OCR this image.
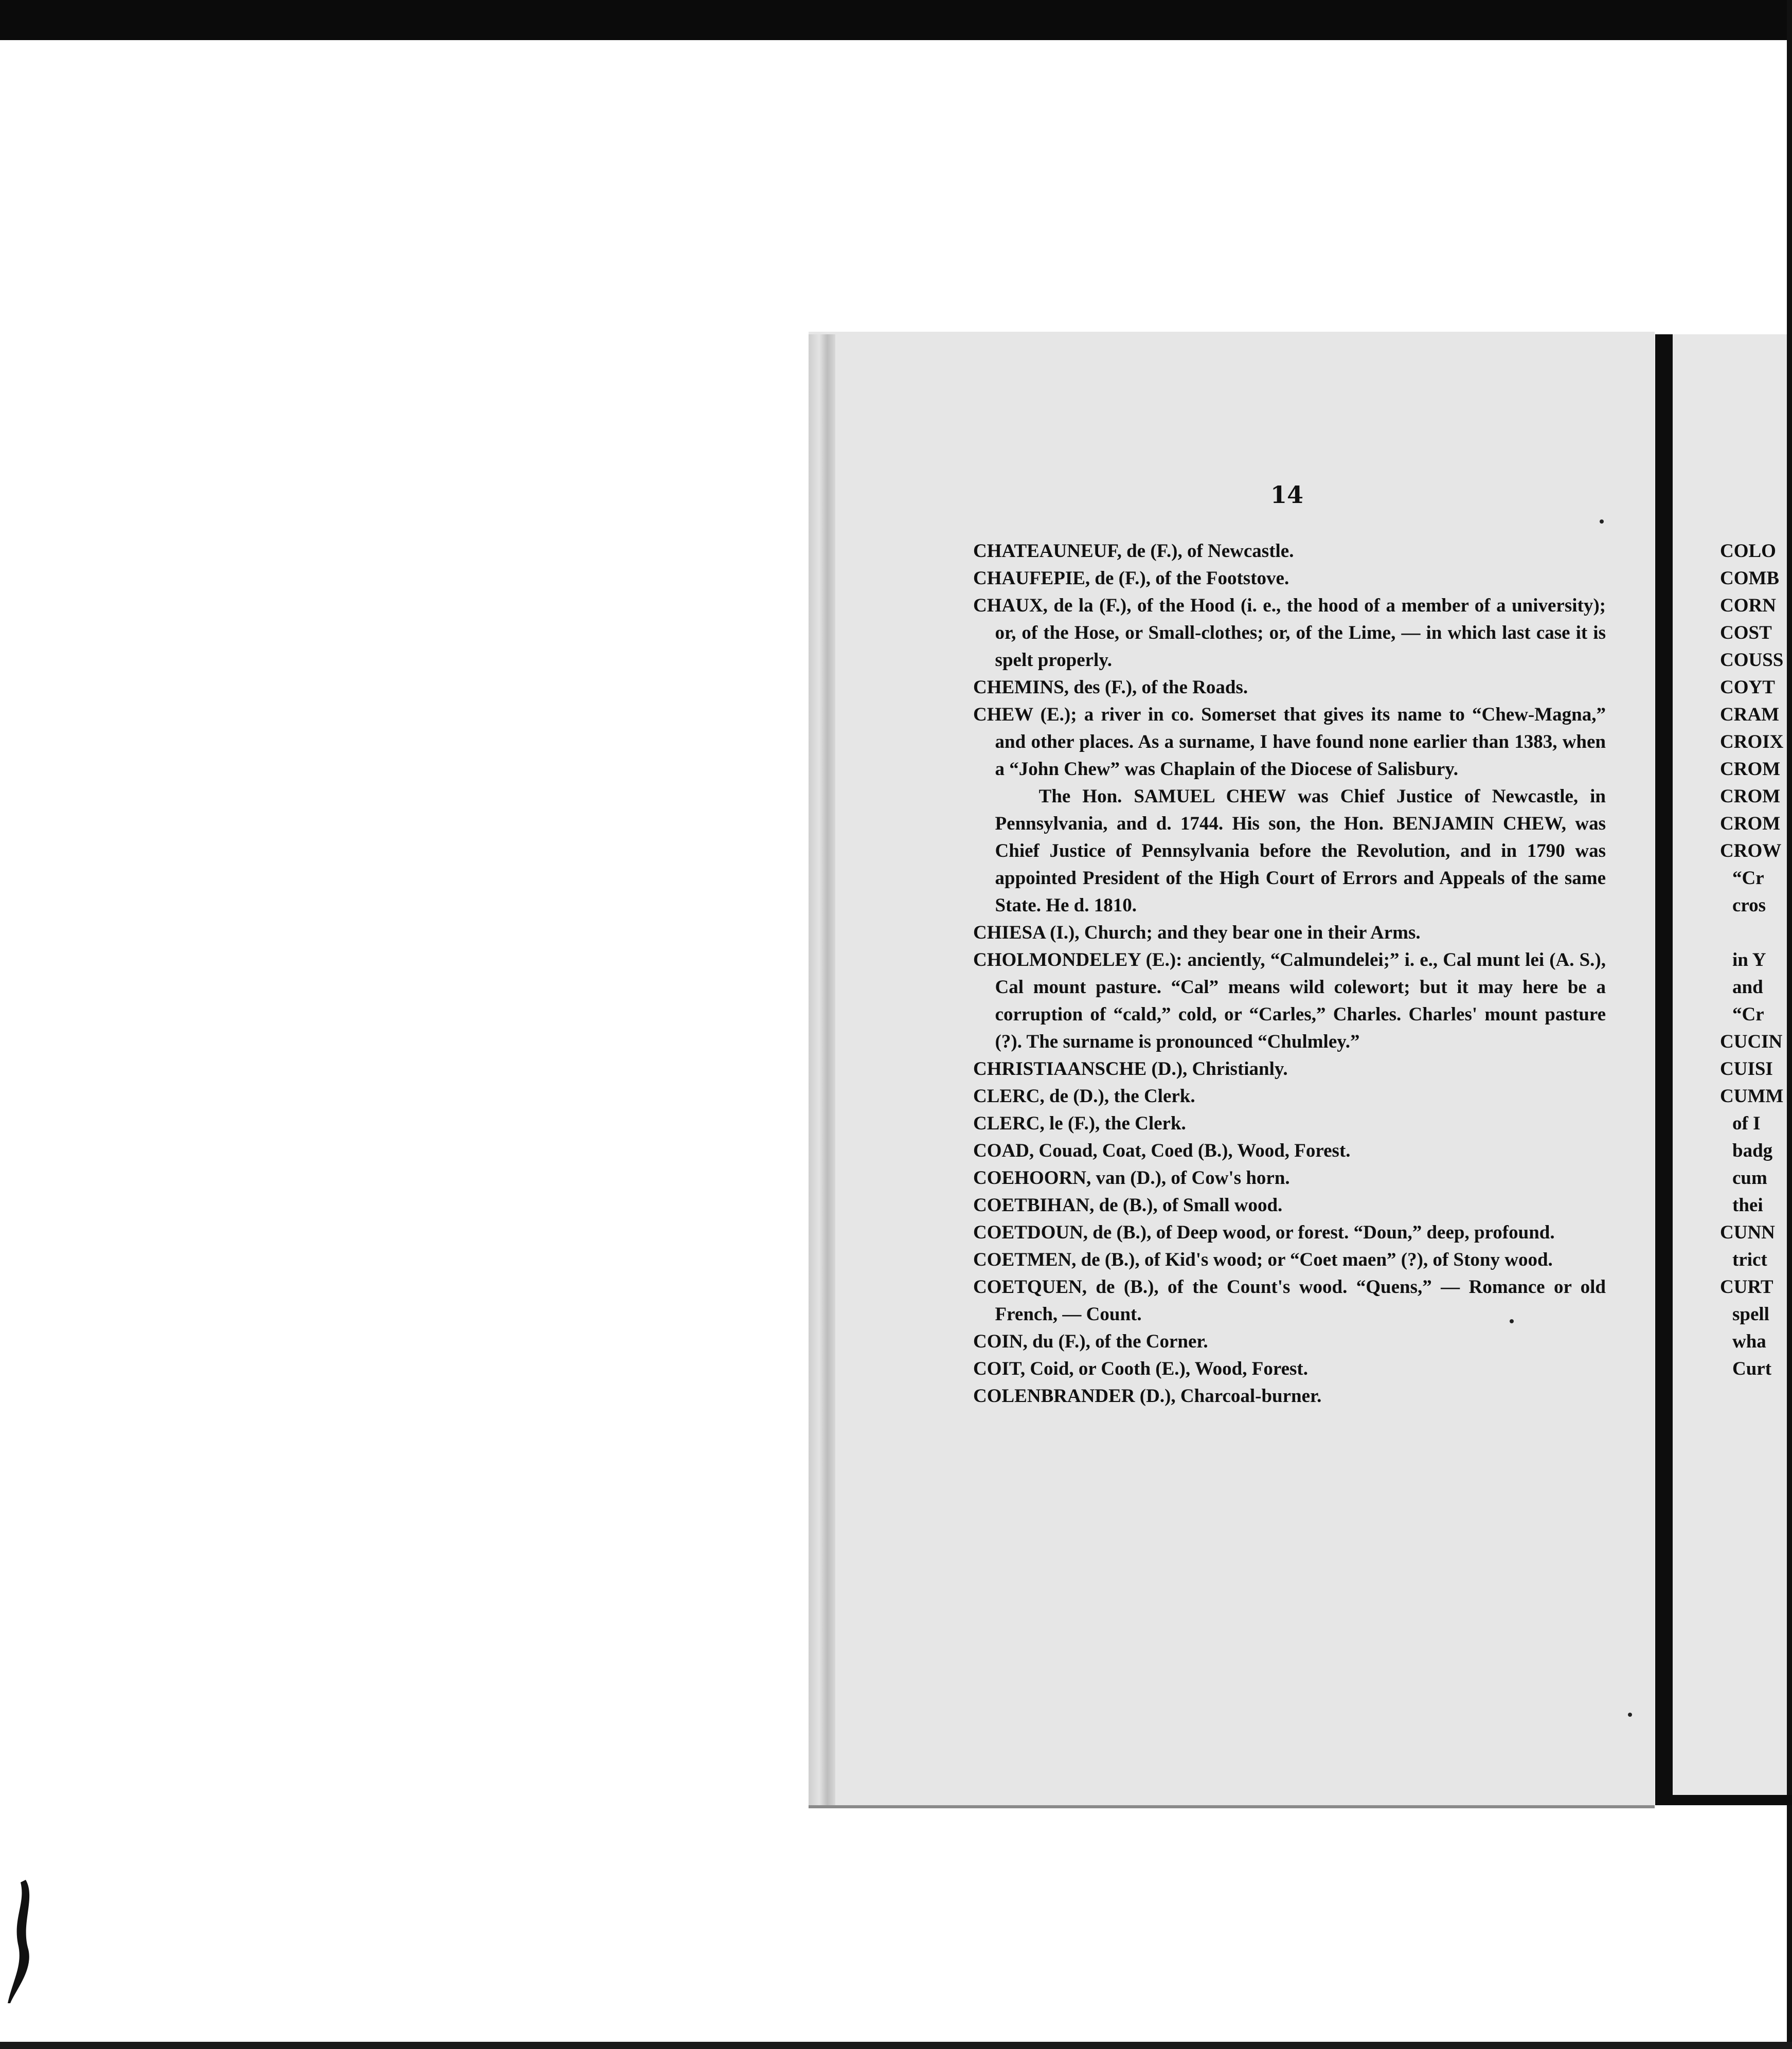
14

CHATEAUNEUF, de (F.), of Newcastle.

CHAUFEPIE, de (F.), of the Footstove.

CHAUX, de la (F.), of the Hood (i. e., the hood of a member of a university); or, of the Hose, or Small-clothes; or, of the Lime, — in which last case it is spelt properly.

CHEMINS, des (F.), of the Roads.

CHEW (E.); a river in co. Somerset that gives its name to “Chew-Magna,” and other places. As a surname, I have found none earlier than 1383, when a “John Chew” was Chaplain of the Diocese of Salisbury.

The Hon. SAMUEL CHEW was Chief Justice of Newcastle, in Pennsylvania, and d. 1744. His son, the Hon. BENJAMIN CHEW, was Chief Justice of Pennsylvania before the Revolution, and in 1790 was appointed President of the High Court of Errors and Appeals of the same State. He d. 1810.

CHIESA (I.), Church; and they bear one in their Arms.

CHOLMONDELEY (E.): anciently, “Calmundelei;” i. e., Cal munt lei (A. S.), Cal mount pasture. “Cal” means wild colewort; but it may here be a corruption of “cald,” cold, or “Carles,” Charles. Charles' mount pasture (?). The surname is pronounced “Chulmley.”

CHRISTIAANSCHE (D.), Christianly.

CLERC, de (D.), the Clerk.

CLERC, le (F.), the Clerk.

COAD, Couad, Coat, Coed (B.), Wood, Forest.

COEHOORN, van (D.), of Cow's horn.

COETBIHAN, de (B.), of Small wood.

COETDOUN, de (B.), of Deep wood, or forest. “Doun,” deep, profound.

COETMEN, de (B.), of Kid's wood; or “Coet maen” (?), of Stony wood.

COETQUEN, de (B.), of the Count's wood. “Quens,” — Romance or old French, — Count.

COIN, du (F.), of the Corner.

COIT, Coid, or Cooth (E.), Wood, Forest.

COLENBRANDER (D.), Charcoal-burner.

COLO
COMB
CORN
COST
COUSS
COYT
CRAM
CROIX
CROM
CROM
CROM
CROW
“Cr
cros
in Y
and
“Cr
CUCIN
CUISI
CUMM
of I
badg
cum
thei
CUNN
trict
CURT
spell
wha
Curt
